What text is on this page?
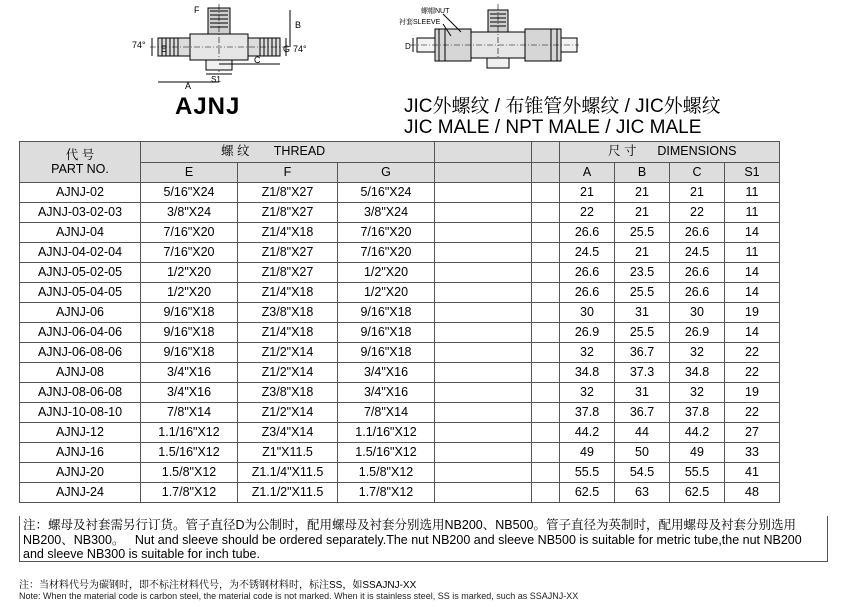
F
E	G
74°	74°
B
C
A
S1
螺帽NUT
衬套SLEEVE
D
AJNJ	JIC外螺纹 / 布锥管外螺纹 / JIC外螺纹
JIC MALE / NPT MALE / JIC MALE
代 号
PART NO.	螺 纹 THREAD					尺 寸 DIMENSIONS			
	E	F	G			A	B	C	S1
AJNJ-02	5/16"X24	Z1/8"X27	5/16"X24			21	21	21	11
AJNJ-03-02-03	3/8"X24	Z1/8"X27	3/8"X24			22	21	22	11
AJNJ-04	7/16"X20	Z1/4"X18	7/16"X20			26.6	25.5	26.6	14
AJNJ-04-02-04	7/16"X20	Z1/8"X27	7/16"X20			24.5	21	24.5	11
AJNJ-05-02-05	1/2"X20	Z1/8"X27	1/2"X20			26.6	23.5	26.6	14
AJNJ-05-04-05	1/2"X20	Z1/4"X18	1/2"X20			26.6	25.5	26.6	14
AJNJ-06	9/16"X18	Z3/8"X18	9/16"X18			30	31	30	19
AJNJ-06-04-06	9/16"X18	Z1/4"X18	9/16"X18			26.9	25.5	26.9	14
AJNJ-06-08-06	9/16"X18	Z1/2"X14	9/16"X18			32	36.7	32	22
AJNJ-08	3/4"X16	Z1/2"X14	3/4"X16			34.8	37.3	34.8	22
AJNJ-08-06-08	3/4"X16	Z3/8"X18	3/4"X16			32	31	32	19
AJNJ-10-08-10	7/8"X14	Z1/2"X14	7/8"X14			37.8	36.7	37.8	22
AJNJ-12	1.1/16"X12	Z3/4"X14	1.1/16"X12			44.2	44	44.2	27
AJNJ-16	1.5/16"X12	Z1"X11.5	1.5/16"X12			49	50	49	33
AJNJ-20	1.5/8"X12	Z1.1/4"X11.5	1.5/8"X12			55.5	54.5	55.5	41
AJNJ-24	1.7/8"X12	Z1.1/2"X11.5	1.7/8"X12			62.5	63	62.5	48
注：螺母及衬套需另行订货。管子直径D为公制时，配用螺母及衬套分别选用NB200、NB500。管子直径为英制时，配用螺母及衬套分别选用NB200、NB300。 Nut and sleeve should be ordered separately.The nut NB200 and sleeve NB500 is suitable for metric tube,the nut NB200 and sleeve NB300 is suitable for inch tube.
注：当材料代号为碳钢时，即不标注材料代号，为不锈钢材料时，标注SS，如SSAJNJ-XX
Note: When the material code is carbon steel, the material code is not marked. When it is stainless steel, SS is marked, such as SSAJNJ-XX
